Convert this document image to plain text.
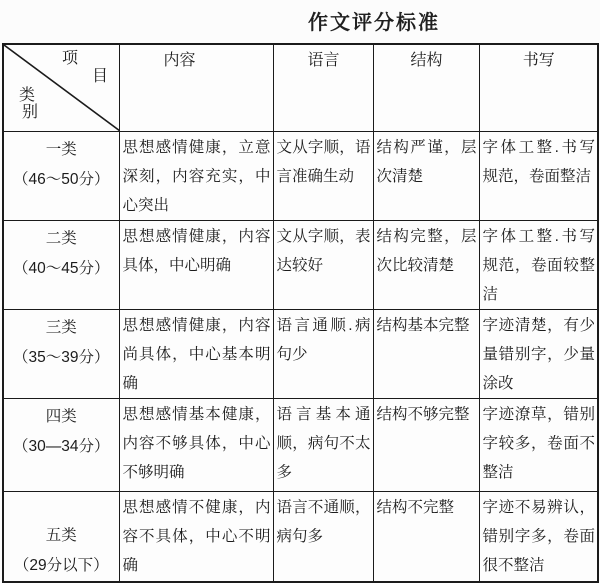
作文评分标准
项
目
类
别	内容	语言	结构	书写

一类
（46～50分）	思想感情健康，立意深刻，内容充实，中心突出	文从字顺，语言准确生动	结构严谨，层次清楚	字体工整.书写规范，卷面整洁

二类
（40～45分）	思想感情健康，内容具体，中心明确	文从字顺，表达较好	结构完整，层次比较清楚	字体工整.书写规范，卷面较整洁

三类
（35～39分）	思想感情健康，内容尚具体，中心基本明确	语言通顺.病句少	结构基本完整	字迹清楚，有少量错别字，少量涂改

四类
（30—34分）	思想感情基本健康，内容不够具体，中心不够明确	语言基本通顺，病句不太多	结构不够完整	字迹潦草，错别字较多，卷面不整洁

五类
（29分以下）	思想感情不健康，内容不具体，中心不明确	语言不通顺，病句多	结构不完整	字迹不易辨认，错别字多，卷面很不整洁
